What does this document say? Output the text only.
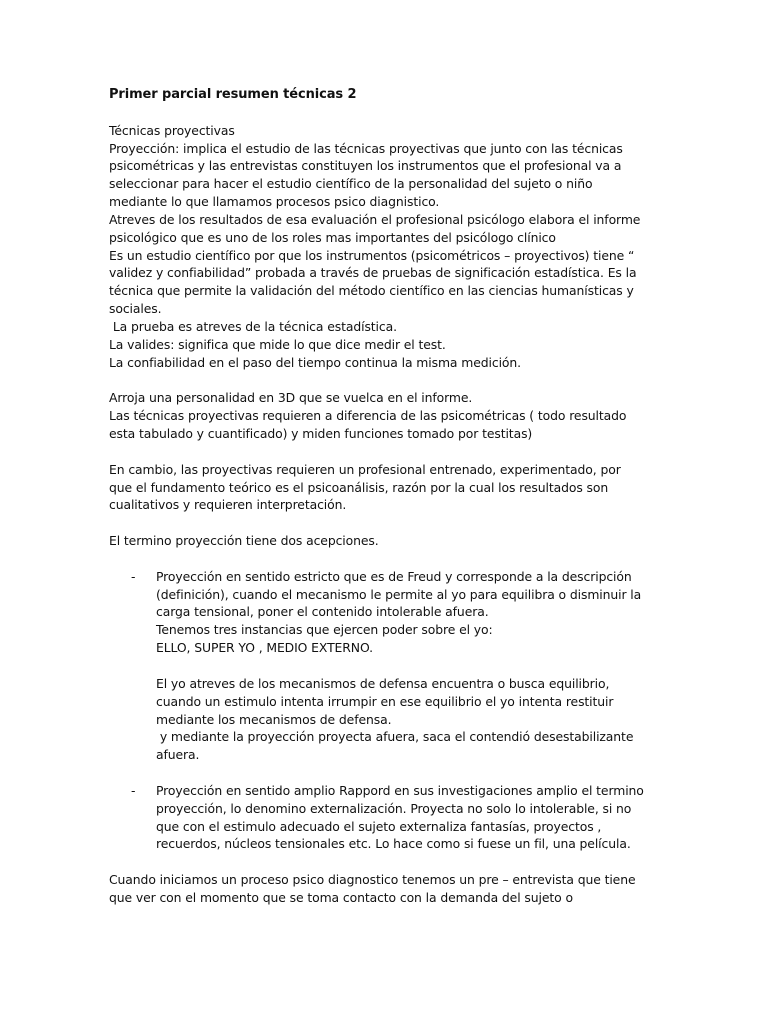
Primer parcial resumen técnicas 2

Técnicas proyectivas

Proyección: implica el estudio de las técnicas proyectivas que junto con las técnicas

psicométricas y las entrevistas constituyen los instrumentos que el profesional va a

seleccionar para hacer el estudio científico de la personalidad del sujeto o niño

mediante lo que llamamos procesos psico diagnistico.

Atreves de los resultados de esa evaluación el profesional psicólogo elabora el informe

psicológico que es uno de los roles mas importantes del psicólogo clínico

Es un estudio científico por que los instrumentos (psicométricos – proyectivos) tiene “

validez y confiabilidad” probada a través de pruebas de significación estadística. Es la

técnica que permite la validación del método científico en las ciencias humanísticas y

sociales.

La prueba es atreves de la técnica estadística.

La valides: significa que mide lo que dice medir el test.

La confiabilidad en el paso del tiempo continua la misma medición.

Arroja una personalidad en 3D que se vuelca en el informe.

Las técnicas proyectivas requieren a diferencia de las psicométricas ( todo resultado

esta tabulado y cuantificado) y miden funciones tomado por testitas)

En cambio, las proyectivas requieren un profesional entrenado, experimentado, por

que el fundamento teórico es el psicoanálisis, razón por la cual los resultados son

cualitativos y requieren interpretación.

El termino proyección tiene dos acepciones.

- Proyección en sentido estricto que es de Freud y corresponde a la descripción

(definición), cuando el mecanismo le permite al yo para equilibra o disminuir la

carga tensional, poner el contenido intolerable afuera.

Tenemos tres instancias que ejercen poder sobre el yo:

ELLO, SUPER YO , MEDIO EXTERNO.

El yo atreves de los mecanismos de defensa encuentra o busca equilibrio,

cuando un estimulo intenta irrumpir en ese equilibrio el yo intenta restituir

mediante los mecanismos de defensa.

y mediante la proyección proyecta afuera, saca el contendió desestabilizante

afuera.

- Proyección en sentido amplio Rappord en sus investigaciones amplio el termino

proyección, lo denomino externalización. Proyecta no solo lo intolerable, si no

que con el estimulo adecuado el sujeto externaliza fantasías, proyectos ,

recuerdos, núcleos tensionales etc. Lo hace como si fuese un fil, una película.

Cuando iniciamos un proceso psico diagnostico tenemos un pre – entrevista que tiene

que ver con el momento que se toma contacto con la demanda del sujeto o
